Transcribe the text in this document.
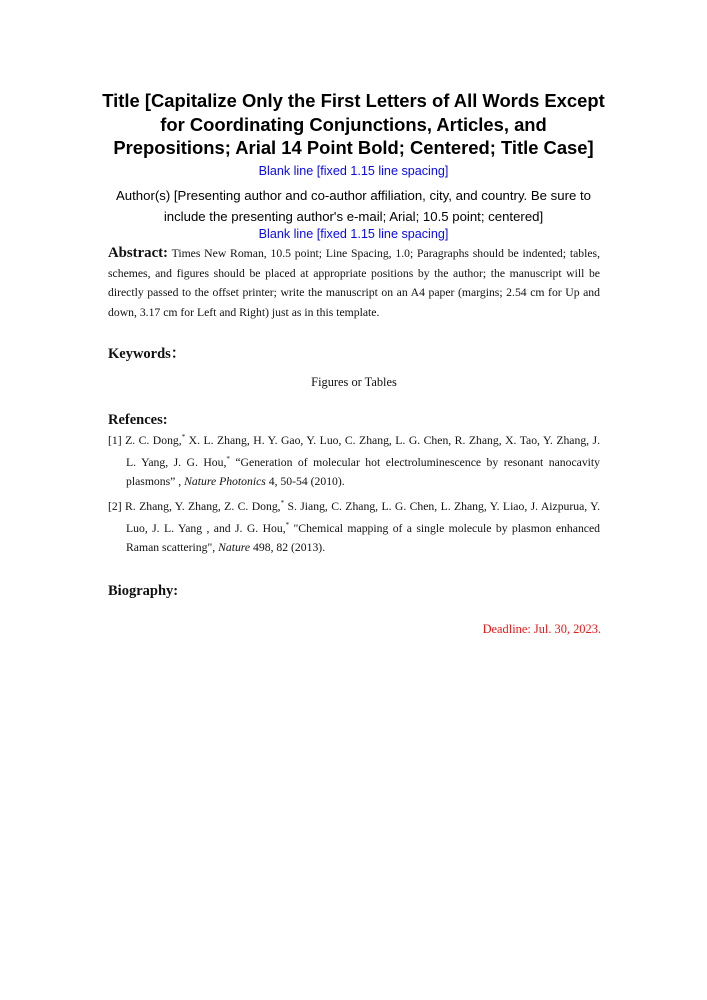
Title [Capitalize Only the First Letters of All Words Except for Coordinating Conjunctions, Articles, and Prepositions; Arial 14 Point Bold; Centered; Title Case]
Blank line [fixed 1.15 line spacing]
Author(s) [Presenting author and co-author affiliation, city, and country. Be sure to include the presenting author's e-mail; Arial; 10.5 point; centered]
Blank line [fixed 1.15 line spacing]
Abstract: Times New Roman, 10.5 point; Line Spacing, 1.0; Paragraphs should be indented; tables, schemes, and figures should be placed at appropriate positions by the author; the manuscript will be directly passed to the offset printer; write the manuscript on an A4 paper (margins; 2.54 cm for Up and down, 3.17 cm for Left and Right) just as in this template.
Keywords：
Figures or Tables
Refences:
[1] Z. C. Dong,* X. L. Zhang, H. Y. Gao, Y. Luo, C. Zhang, L. G. Chen, R. Zhang, X. Tao, Y. Zhang, J. L. Yang, J. G. Hou,* “Generation of molecular hot electroluminescence by resonant nanocavity plasmons” , Nature Photonics 4, 50-54 (2010).
[2] R. Zhang, Y. Zhang, Z. C. Dong,* S. Jiang, C. Zhang, L. G. Chen, L. Zhang, Y. Liao, J. Aizpurua, Y. Luo, J. L. Yang , and J. G. Hou,* "Chemical mapping of a single molecule by plasmon enhanced Raman scattering", Nature 498, 82 (2013).
Biography:
Deadline: Jul. 30, 2023.
